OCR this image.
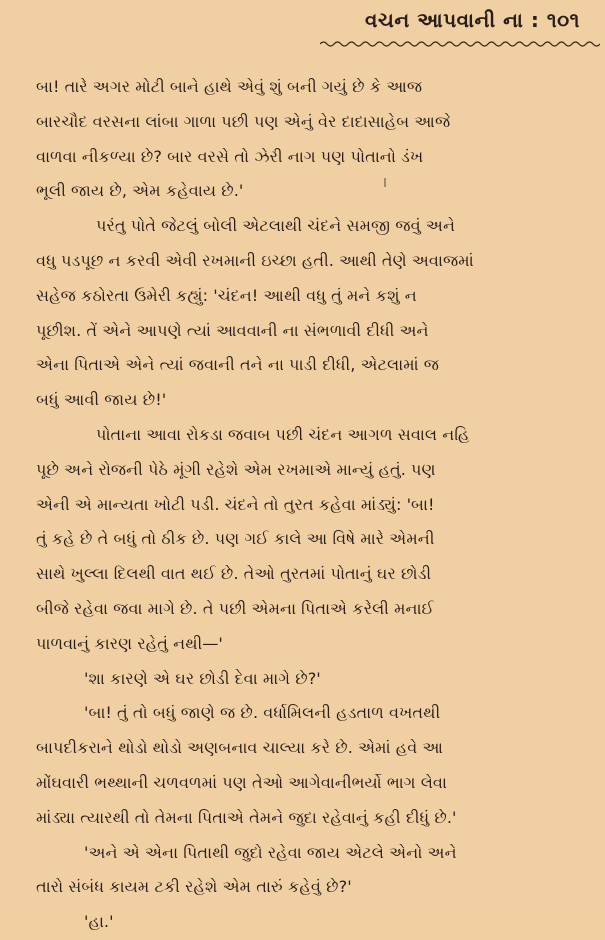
વચન આપવાની ના : ૧૦૧
બા! તારે અગર મોટી બાને હાથે એવું શું બની ગયું છે કે આજ
બારચૌદ વરસના લાંબા ગાળા પછી પણ એનું વેર દાદાસાહેબ આજે
વાળવા નીકળ્યા છે? બાર વરસે તો ઝેરી નાગ પણ પોતાનો ડંખ
ભૂલી જાય છે, એમ કહેવાય છે.'
પરંતુ પોતે જેટલું બોલી એટલાથી ચંદને સમજી જવું અને
વધુ પડપૂછ ન કરવી એવી રખમાની ઇચ્છા હતી. આથી તેણે અવાજમાં
સહેજ કઠોરતા ઉમેરી કહ્યું: 'ચંદન! આથી વધુ તું મને કશું ન
પૂછીશ. તેં એને આપણે ત્યાં આવવાની ના સંભળાવી દીધી અને
એના પિતાએ એને ત્યાં જવાની તને ના પાડી દીધી, એટલામાં જ
બધું આવી જાય છે!'
પોતાના આવા રોકડા જવાબ પછી ચંદન આગળ સવાલ નહિ
પૂછે અને રોજની પેઠે મૂંગી રહેશે એમ રખમાએ માન્યું હતું. પણ
એની એ માન્યતા ખોટી પડી. ચંદને તો તુરત કહેવા માંડ્યું: 'બા!
તું કહે છે તે બધું તો ઠીક છે. પણ ગઈ કાલે આ વિષે મારે એમની
સાથે ખુલ્લા દિલથી વાત થઈ છે. તેઓ તુરતમાં પોતાનું ઘર છોડી
બીજે રહેવા જવા માગે છે. તે પછી એમના પિતાએ કરેલી મનાઈ
પાળવાનું કારણ રહેતું નથી—'
'શા કારણે એ ઘર છોડી દેવા માગે છે?'
'બા! તું તો બધું જાણે જ છે. વર્ધામિલની હડતાળ વખતથી
બાપદીકરાને થોડો થોડો અણબનાવ ચાલ્યા કરે છે. એમાં હવે આ
મોંઘવારી ભથ્થાની ચળવળમાં પણ તેઓ આગેવાનીભર્યો ભાગ લેવા
માંડ્યા ત્યારથી તો તેમના પિતાએ તેમને જુદા રહેવાનું કહી દીધું છે.'
'અને એ એના પિતાથી જુદો રહેવા જાય એટલે એનો અને
તારો સંબંધ કાયમ ટકી રહેશે એમ તારું કહેવું છે?'
'હા.'
